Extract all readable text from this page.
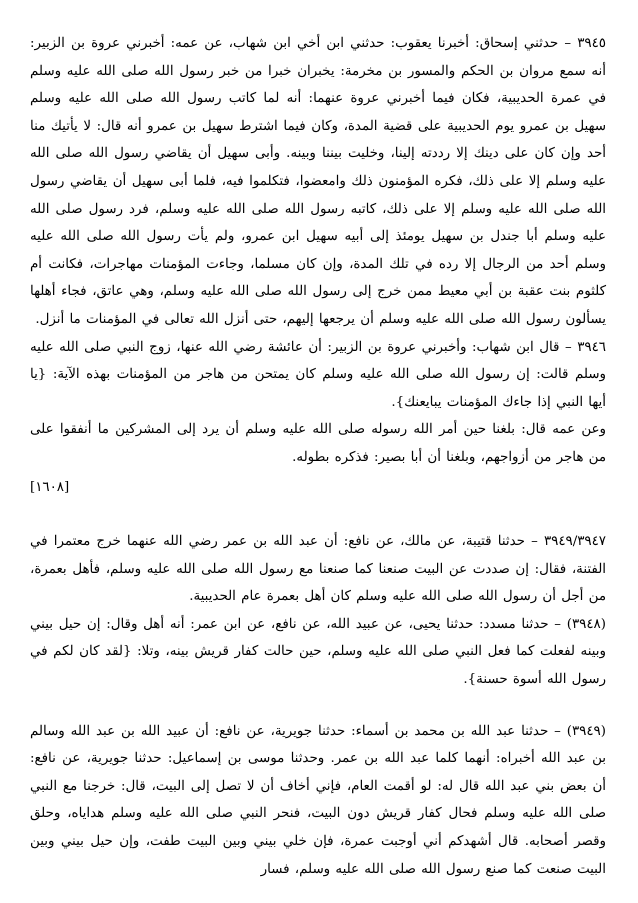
٣٩٤٥ – حدثني إسحاق: أخبرنا يعقوب: حدثني ابن أخي ابن شهاب، عن عمه: أخبرني عروة بن الزبير: أنه سمع مروان بن الحكم والمسور بن مخرمة: يخبران خبرا من خبر رسول الله صلى الله عليه وسلم في عمرة الحديبية، فكان فيما أخبرني عروة عنهما: أنه لما كاتب رسول الله صلى الله عليه وسلم سهيل بن عمرو يوم الحديبية على قضية المدة، وكان فيما اشترط سهيل بن عمرو أنه قال: لا يأتيك منا أحد وإن كان على دينك إلا رددته إلينا، وخليت بيننا وبينه. وأبى سهيل أن يقاضي رسول الله صلى الله عليه وسلم إلا على ذلك، فكره المؤمنون ذلك وامعضوا، فتكلموا فيه، فلما أبى سهيل أن يقاضي رسول الله صلى الله عليه وسلم إلا على ذلك، كاتبه رسول الله صلى الله عليه وسلم، فرد رسول صلى الله عليه وسلم أبا جندل بن سهيل يومئذ إلى أبيه سهيل ابن عمرو، ولم يأت رسول الله صلى الله عليه وسلم أحد من الرجال إلا رده في تلك المدة، وإن كان مسلما، وجاءت المؤمنات مهاجرات، فكانت أم كلثوم بنت عقبة بن أبي معيط ممن خرج إلى رسول الله صلى الله عليه وسلم، وهي عاتق، فجاء أهلها يسألون رسول الله صلى الله عليه وسلم أن يرجعها إليهم، حتى أنزل الله تعالى في المؤمنات ما أنزل.

٣٩٤٦ – قال ابن شهاب: وأخبرني عروة بن الزبير: أن عائشة رضي الله عنها، زوج النبي صلى الله عليه وسلم قالت: إن رسول الله صلى الله عليه وسلم كان يمتحن من هاجر من المؤمنات بهذه الآية: {يا أيها النبي إذا جاءك المؤمنات يبايعنك}.

وعن عمه قال: بلغنا حين أمر الله رسوله صلى الله عليه وسلم أن يرد إلى المشركين ما أنفقوا على من هاجر من أزواجهم، وبلغنا أن أبا بصير: فذكره بطوله.

[١٦٠٨]

٣٩٤٩/٣٩٤٧ – حدثنا قتيبة، عن مالك، عن نافع: أن عبد الله بن عمر رضي الله عنهما خرج معتمرا في الفتنة، فقال: إن صددت عن البيت صنعنا كما صنعنا مع رسول الله صلى الله عليه وسلم، فأهل بعمرة، من أجل أن رسول الله صلى الله عليه وسلم كان أهل بعمرة عام الحديبية.

(٣٩٤٨) – حدثنا مسدد: حدثنا يحيى، عن عبيد الله، عن نافع، عن ابن عمر: أنه أهل وقال: إن حيل بيني وبينه لفعلت كما فعل النبي صلى الله عليه وسلم، حين حالت كفار قريش بينه، وتلا: {لقد كان لكم في رسول الله أسوة حسنة}.

(٣٩٤٩) – حدثنا عبد الله بن محمد بن أسماء: حدثنا جويرية، عن نافع: أن عبيد الله بن عبد الله وسالم بن عبد الله أخبراه: أنهما كلما عبد الله بن عمر. وحدثنا موسى بن إسماعيل: حدثنا جويرية، عن نافع: أن بعض بني عبد الله قال له: لو أقمت العام، فإني أخاف أن لا تصل إلى البيت، قال: خرجنا مع النبي صلى الله عليه وسلم فحال كفار قريش دون البيت، فنحر النبي صلى الله عليه وسلم هداياه، وحلق وقصر أصحابه. قال أشهدكم أني أوجبت عمرة، فإن خلي بيني وبين البيت طفت، وإن حيل بيني وبين البيت صنعت كما صنع رسول الله صلى الله عليه وسلم، فسار
